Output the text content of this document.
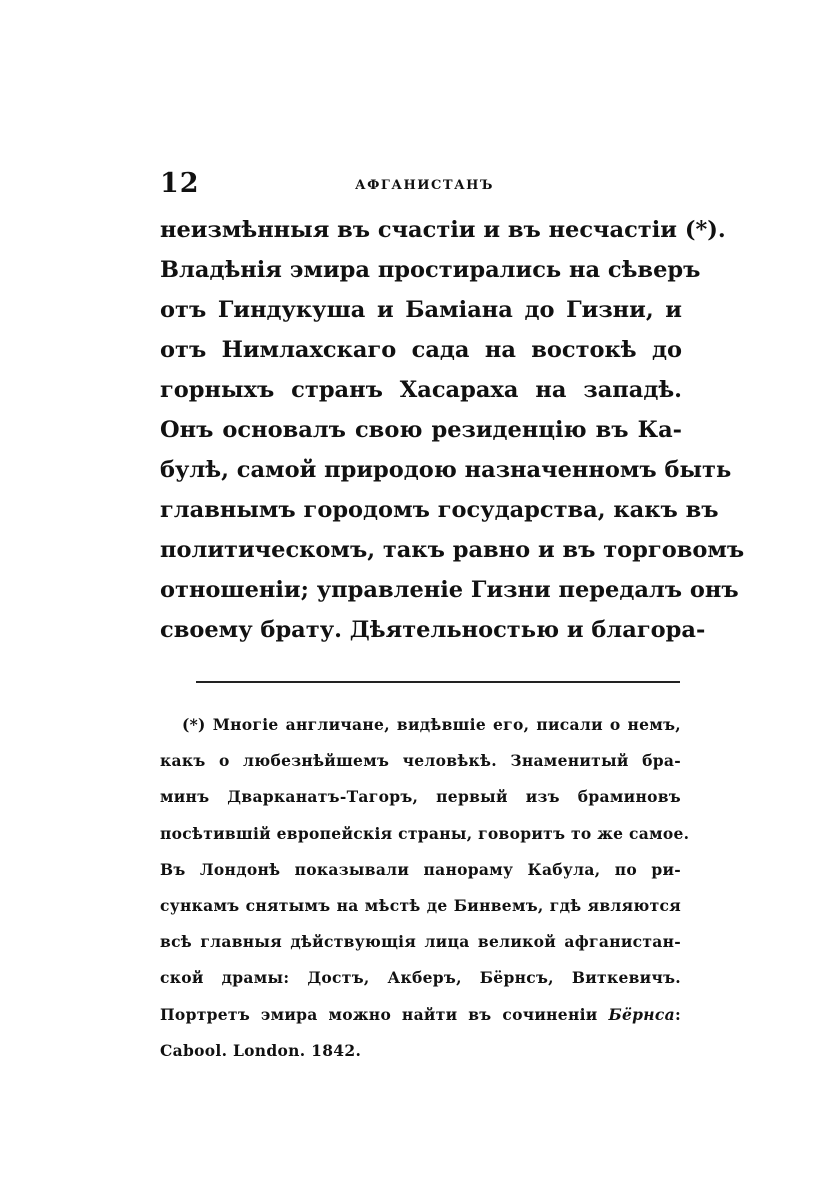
12	АФГАНИСТАНЪ
неизмѣнныя въ счастіи и въ несчастіи (*).
Владѣнія эмира простирались на сѣверъ
отъ Гиндукуша и Баміана до Гизни, и
отъ Нимлахскаго сада на востокѣ до
горныхъ странъ Хасараха на западѣ.
Онъ основалъ свою резиденцію въ Ка-
булѣ, самой природою назначенномъ быть
главнымъ городомъ государства, какъ въ
политическомъ, такъ равно и въ торговомъ
отношеніи; управленіе Гизни передалъ онъ
своему брату. Дѣятельностью и благора-
(*) Многіе англичане, видѣвшіе его, писали о немъ,
какъ о любезнѣйшемъ человѣкѣ. Знаменитый бра-
минъ Дварканатъ-Тагоръ, первый изъ браминовъ
посѣтившій европейскія страны, говоритъ то же самое.
Въ Лондонѣ показывали панораму Кабула, по ри-
сункамъ снятымъ на мѣстѣ де Бинвемъ, гдѣ являются
всѣ главныя дѣйствующія лица великой афганистан-
ской драмы: Достъ, Акберъ, Бёрнсъ, Виткевичъ.
Портретъ эмира можно найти въ сочиненіи Бёрнса:
Cabool. London. 1842.
